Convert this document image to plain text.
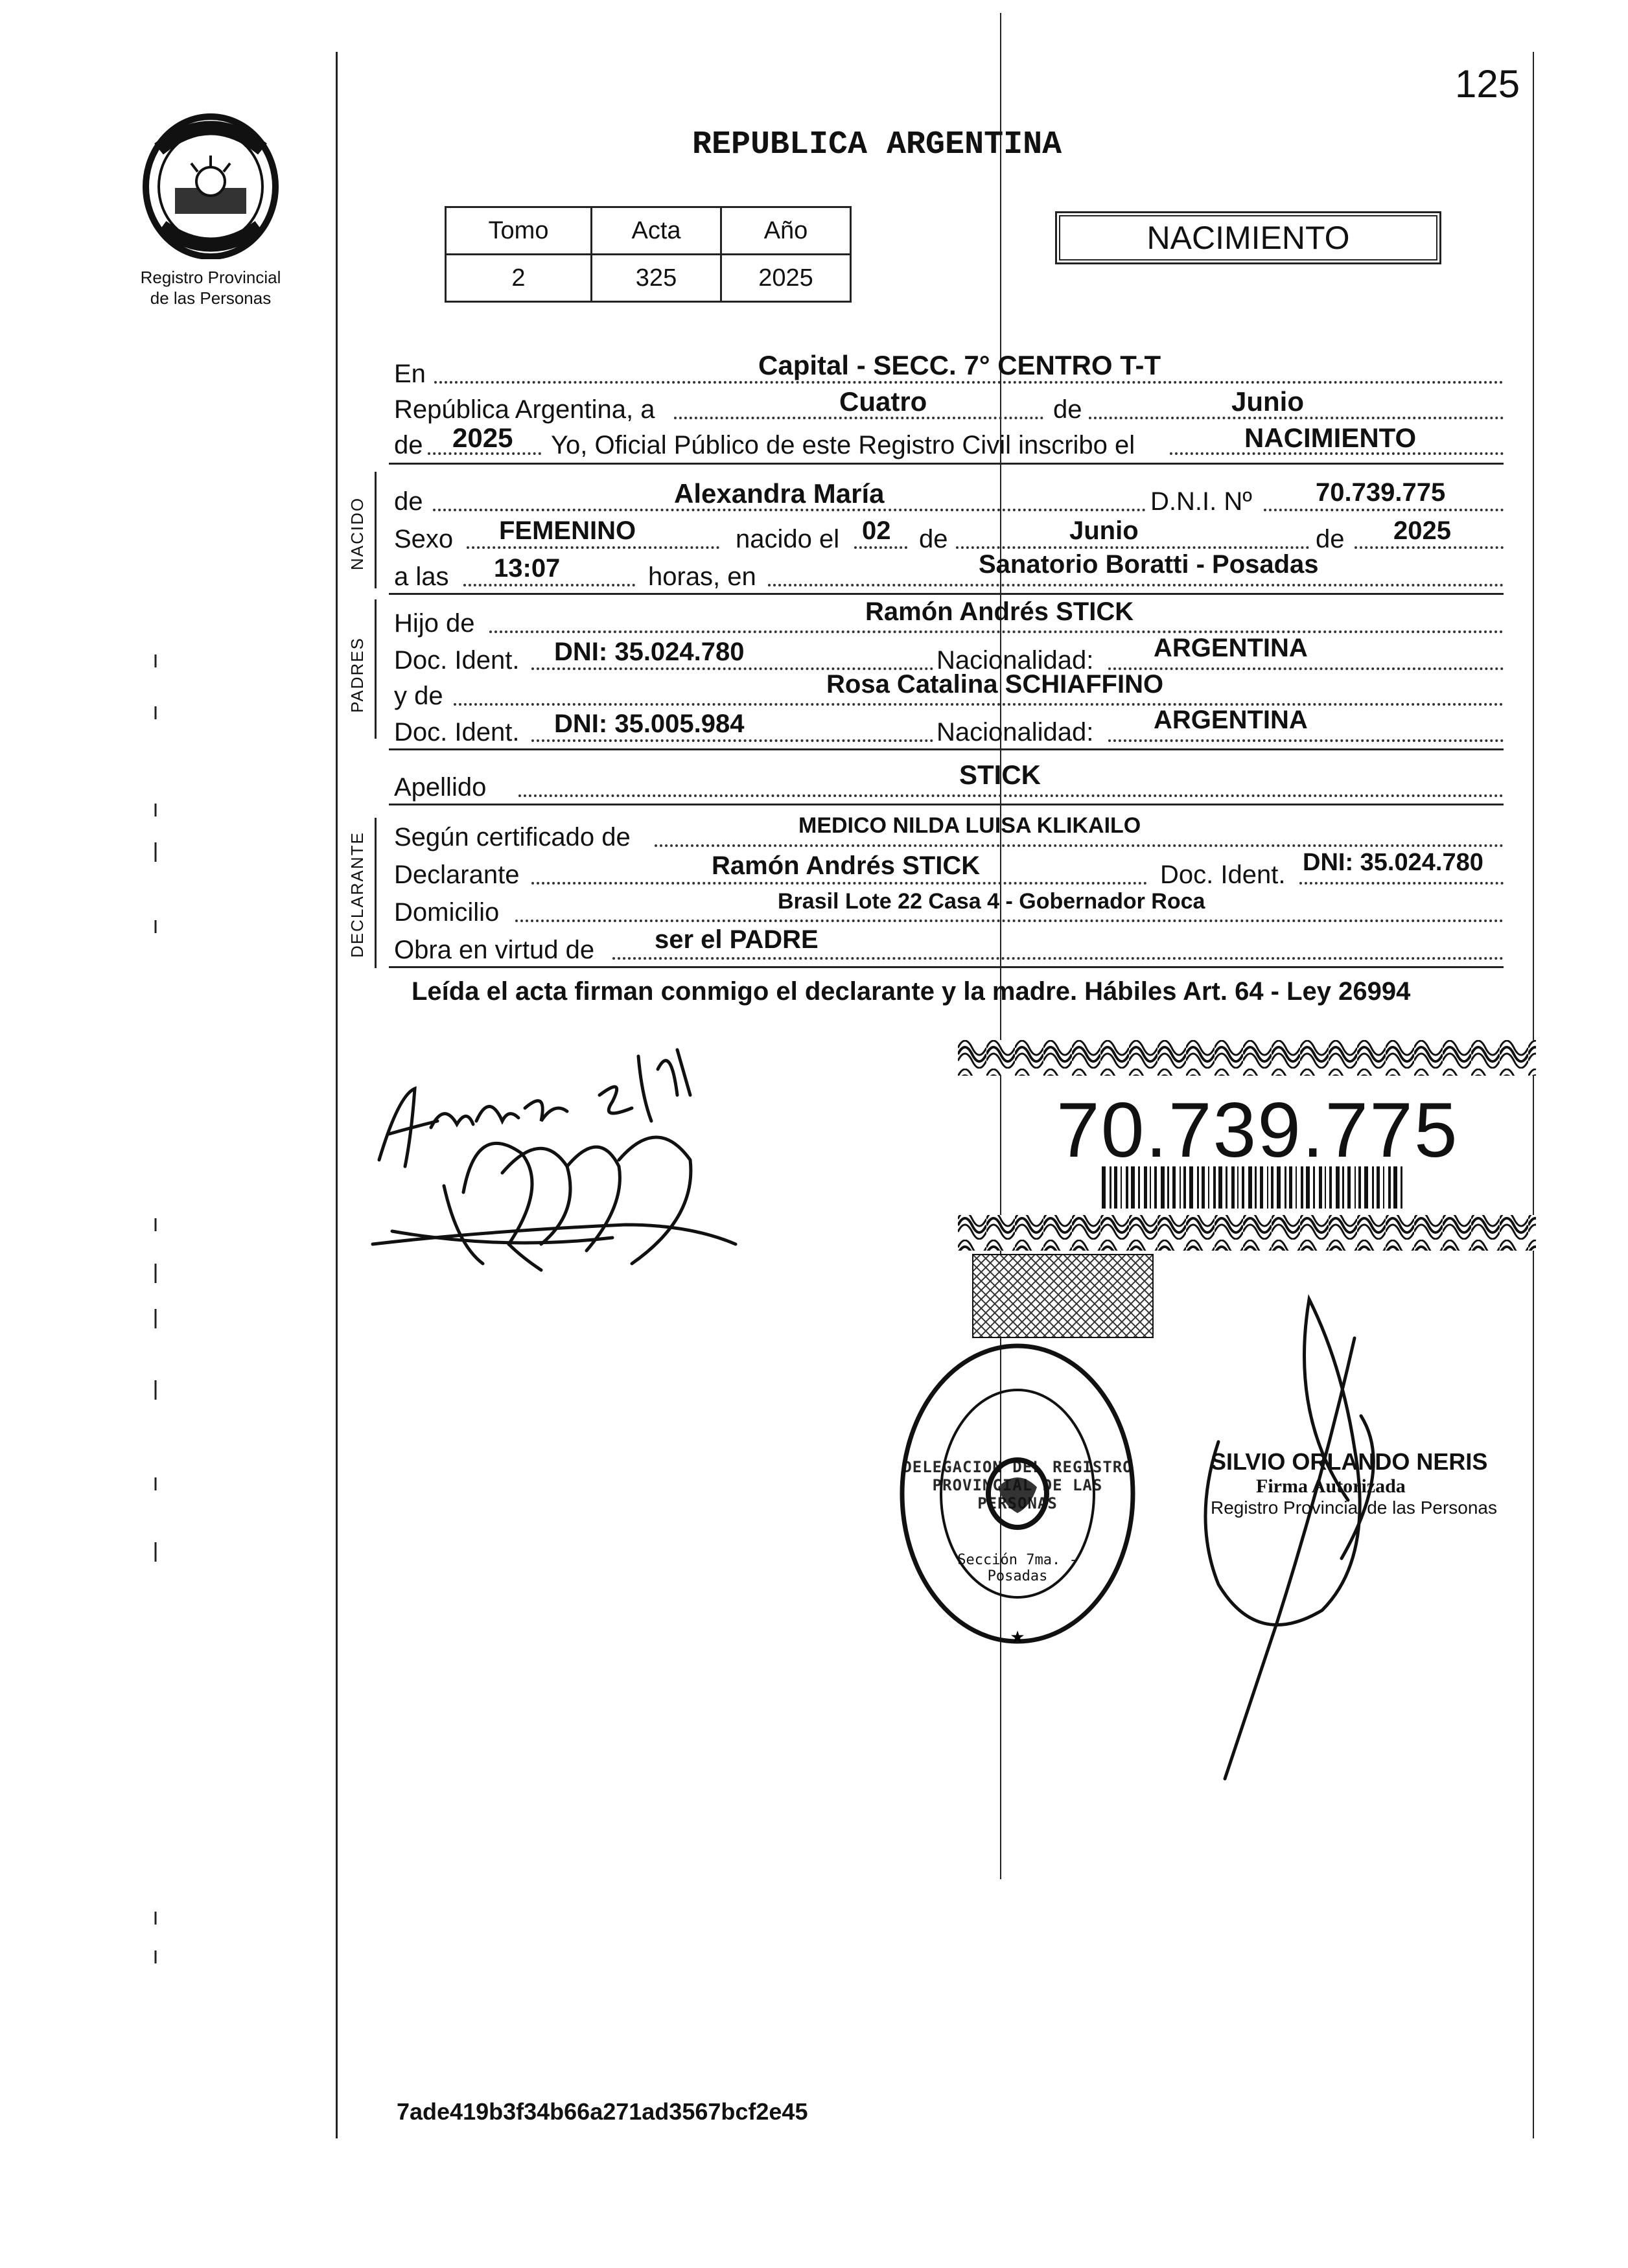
125
Registro Provincial
de las Personas
REPUBLICA ARGENTINA
Tomo	Acta	Año
2	325	2025
NACIMIENTO
En	Capital - SECC. 7° CENTRO T-T
República Argentina, a	Cuatro	de	Junio
de 2025 Yo, Oficial Público de este Registro Civil inscribo el	NACIMIENTO
NACIDO de	Alexandra María	D.N.I. Nº 70.739.775
Sexo FEMENINO	nacido el 02 de	Junio	de 2025
a las 13:07	horas, en	Sanatorio Boratti - Posadas
PADRES
Hijo de	Ramón Andrés STICK
Doc. Ident. DNI: 35.024.780	Nacionalidad: ARGENTINA
y de	Rosa Catalina SCHIAFFINO
Doc. Ident. DNI: 35.005.984	Nacionalidad: ARGENTINA
Apellido	STICK
DECLARANTE Según certificado de	MEDICO NILDA LUISA KLIKAILO
Declarante	Ramón Andrés STICK	Doc. Ident. DNI: 35.024.780
Domicilio	Brasil Lote 22 Casa 4 - Gobernador Roca
Obra en virtud de ser el PADRE
Leída el acta firman conmigo el declarante y la madre. Hábiles Art. 64 - Ley 26994
70.739.775
★
DELEGACION DEL REGISTRO PROVINCIAL DE LAS PERSONAS
Sección 7ma. - Posadas
SILVIO ORLANDO NERIS
Firma Autorizada
Registro Provincial de las Personas
7ade419b3f34b66a271ad3567bcf2e45
